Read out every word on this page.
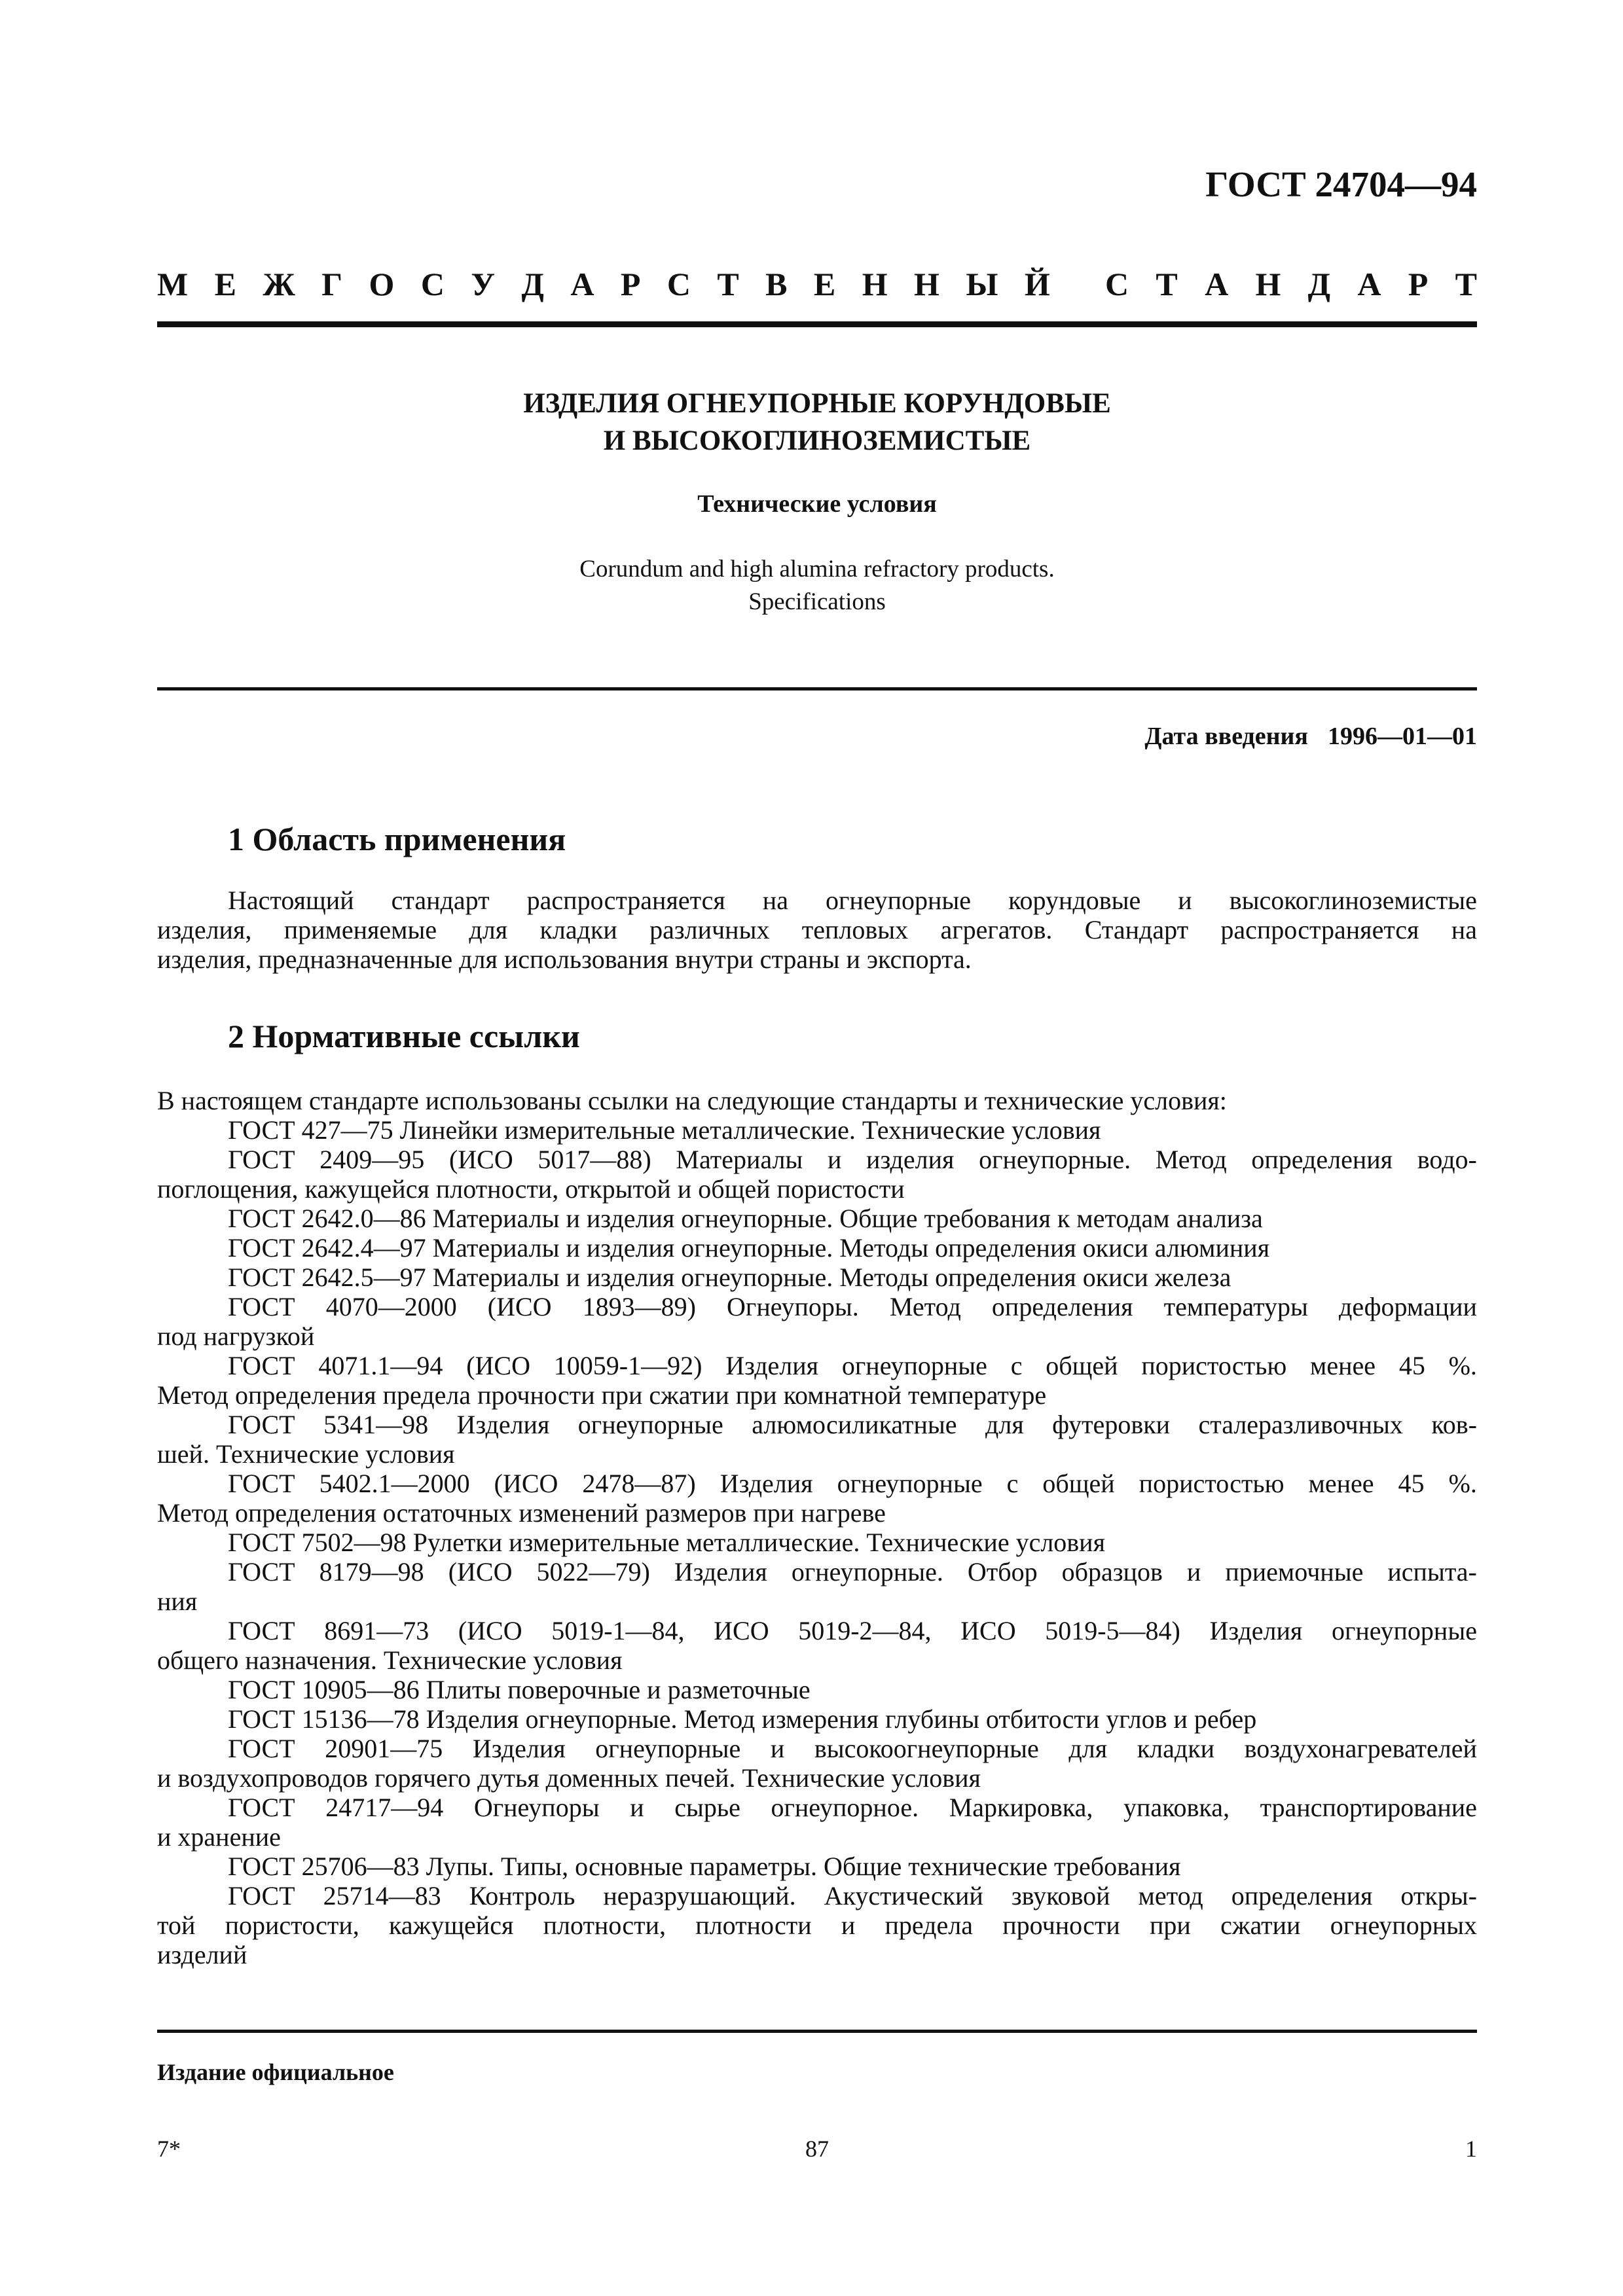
ГОСТ 24704—94
М Е Ж Г О С У Д А Р С Т В Е Н Н Ы Й С Т А Н Д А Р Т
ИЗДЕЛИЯ ОГНЕУПОРНЫЕ КОРУНДОВЫЕ
И ВЫСОКОГЛИНОЗЕМИСТЫЕ
Технические условия
Corundum and high alumina refractory products.
Specifications
Дата введения 1996—01—01
1 Область применения
Настоящий стандарт распространяется на огнеупорные корундовые и высокоглиноземистые
изделия, применяемые для кладки различных тепловых агрегатов. Стандарт распространяется на
изделия, предназначенные для использования внутри страны и экспорта.
2 Нормативные ссылки
В настоящем стандарте использованы ссылки на следующие стандарты и технические условия:
ГОСТ 427—75 Линейки измерительные металлические. Технические условия
ГОСТ 2409—95 (ИСО 5017—88) Материалы и изделия огнеупорные. Метод определения водо-
поглощения, кажущейся плотности, открытой и общей пористости
ГОСТ 2642.0—86 Материалы и изделия огнеупорные. Общие требования к методам анализа
ГОСТ 2642.4—97 Материалы и изделия огнеупорные. Методы определения окиси алюминия
ГОСТ 2642.5—97 Материалы и изделия огнеупорные. Методы определения окиси железа
ГОСТ 4070—2000 (ИСО 1893—89) Огнеупоры. Метод определения температуры деформации
под нагрузкой
ГОСТ 4071.1—94 (ИСО 10059-1—92) Изделия огнеупорные с общей пористостью менее 45 %.
Метод определения предела прочности при сжатии при комнатной температуре
ГОСТ 5341—98 Изделия огнеупорные алюмосиликатные для футеровки сталеразливочных ков-
шей. Технические условия
ГОСТ 5402.1—2000 (ИСО 2478—87) Изделия огнеупорные с общей пористостью менее 45 %.
Метод определения остаточных изменений размеров при нагреве
ГОСТ 7502—98 Рулетки измерительные металлические. Технические условия
ГОСТ 8179—98 (ИСО 5022—79) Изделия огнеупорные. Отбор образцов и приемочные испыта-
ния
ГОСТ 8691—73 (ИСО 5019-1—84, ИСО 5019-2—84, ИСО 5019-5—84) Изделия огнеупорные
общего назначения. Технические условия
ГОСТ 10905—86 Плиты поверочные и разметочные
ГОСТ 15136—78 Изделия огнеупорные. Метод измерения глубины отбитости углов и ребер
ГОСТ 20901—75 Изделия огнеупорные и высокоогнеупорные для кладки воздухонагревателей
и воздухопроводов горячего дутья доменных печей. Технические условия
ГОСТ 24717—94 Огнеупоры и сырье огнеупорное. Маркировка, упаковка, транспортирование
и хранение
ГОСТ 25706—83 Лупы. Типы, основные параметры. Общие технические требования
ГОСТ 25714—83 Контроль неразрушающий. Акустический звуковой метод определения откры-
той пористости, кажущейся плотности, плотности и предела прочности при сжатии огнеупорных
изделий
Издание официальное
7*	87	1
